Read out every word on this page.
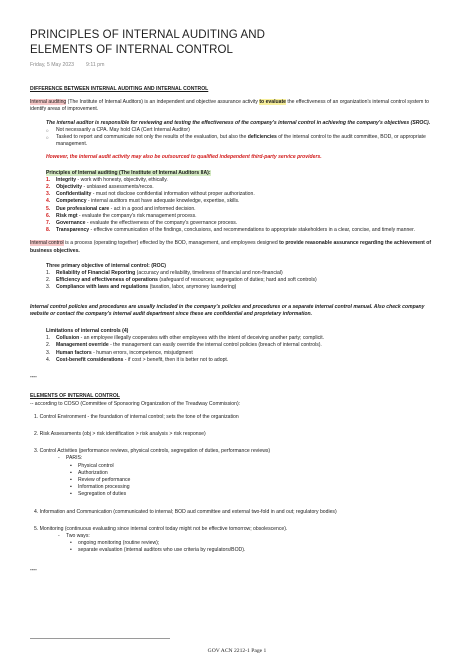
PRINCIPLES OF INTERNAL AUDITING AND ELEMENTS OF INTERNAL CONTROL
Friday, 5 May 2023 9:11 pm

DIFFERENCE BETWEEN INTERNAL AUDITING AND INTERNAL CONTROL

Internal auditing (The Institute of Internal Auditors) is an independent and objective assurance activity to evaluate the effectiveness of an organization's internal control system to identify areas of improvement.

The internal auditor is responsible for reviewing and testing the effectiveness of the company's internal control in achieving the company's objectives (SROC).

○ Not necessarily a CPA. May hold CIA (Cert Internal Auditor)
○ Tasked to report and communicate not only the results of the evaluation, but also the deficiencies of the internal control to the audit committee, BOD, or appropriate management.

However, the internal audit activity may also be outsourced to qualified independent third-party service providers.

Principles of Internal auditing (The Institute of Internal Auditors IIA):

1. Integrity - work with honesty, objectivity, ethically.
2. Objectivity - unbiased assessments/recos.
3. Confidentiality - must not disclose confidential information without proper authorization.
4. Competency - internal auditors must have adequate knowledge, expertise, skills.
5. Due professional care - act in a good and informed decision.
6. Risk mgt - evaluate the company's risk management process.
7. Governance - evaluate the effectiveness of the company's governance process.
8. Transparency - effective communication of the findings, conclusions, and recommendations to appropriate stakeholders in a clear, concise, and timely manner.

Internal control is a process (operating together) effected by the BOD, management, and employees designed to provide reasonable assurance regarding the achievement of business objectives.

Three primary objective of internal control: (ROC)

1. Reliability of Financial Reporting (accuracy and reliability, timeliness of financial and non-financial)
2. Efficiency and effectiveness of operations (safeguard of resources; segregation of duties; hard and soft controls)
3. Compliance with laws and regulations (taxation, labor, anymoney laundering)

Internal control policies and procedures are usually included in the company's policies and procedures or a separate internal control manual. Also check company website or contact the company's internal audit department since these are confidential and proprietary information.

Limitations of internal controls (4)

1. Collusion - an employee illegally cooperates with other employees with the intent of deceiving another party; complicit.
2. Management override - the management can easily override the internal control policies (breach of internal controls).
3. Human factors - human errors, incompetence, misjudgment
4. Cost-benefit considerations - if cost > benefit, then it is better not to adopt.

----

ELEMENTS OF INTERNAL CONTROL

-- according to COSO (Committee of Sponsoring Organization of the Treadway Commission):

1. Control Environment - the foundation of internal control; sets the tone of the organization

2. Risk Assessments (obj > risk identification > risk analysis > risk response)

3. Control Activities (performance reviews, physical controls, segregation of duties, performance reviews)

- PARIS:
▪ Physical control
▪ Authorization
▪ Review of performance
▪ Information processing
▪ Segregation of duties

4. Information and Communication (communicated to internal; BOD aud committee and external two-fold in and out; regulatory bodies)

5. Monitoring (continuous evaluating since internal control today might not be effective tomorrow; obsolescence).

- Two ways:
• ongoing monitoring (routine review);
• separate evaluation (internal auditors who use criteria by regulators/BOD).

----

GOV ACN 2212-1 Page 1
